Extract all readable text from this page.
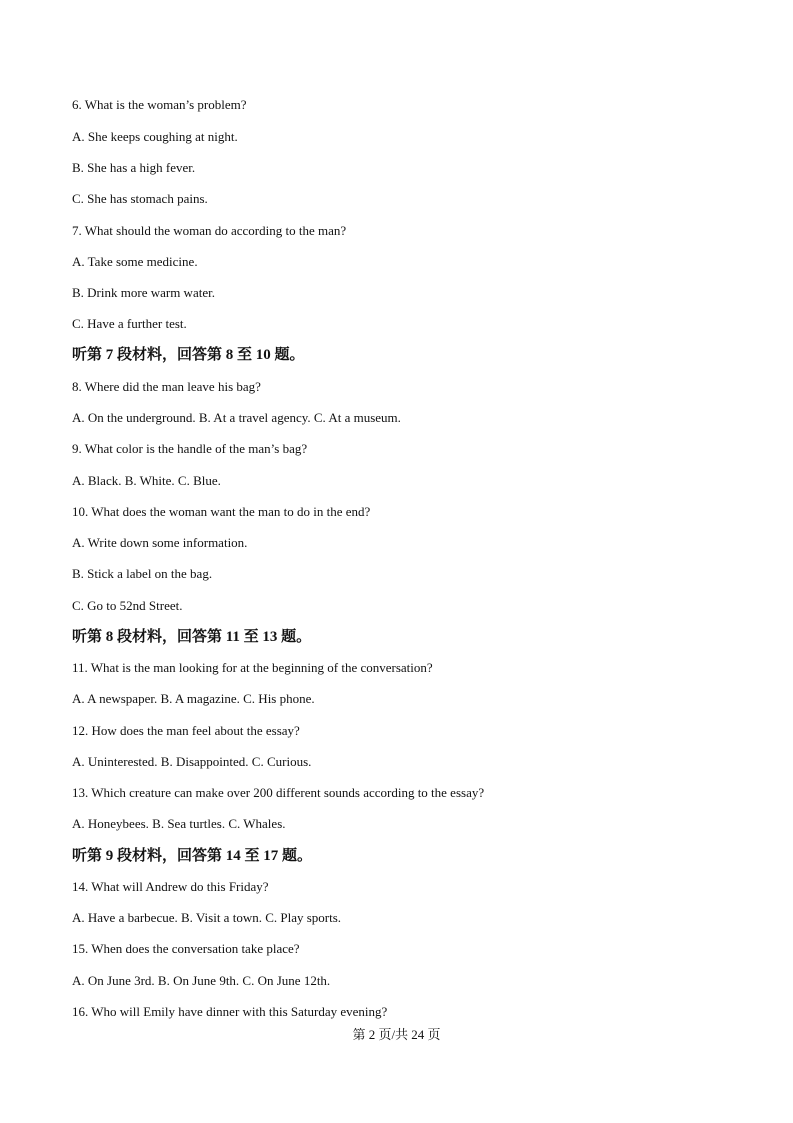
6. What is the woman’s problem?
A. She keeps coughing at night.
B. She has a high fever.
C. She has stomach pains.
7. What should the woman do according to the man?
A. Take some medicine.
B. Drink more warm water.
C. Have a further test.
听第 7 段材料，回答第 8 至 10 题。
8. Where did the man leave his bag?
A. On the underground. B. At a travel agency. C. At a museum.
9. What color is the handle of the man’s bag?
A. Black. B. White. C. Blue.
10. What does the woman want the man to do in the end?
A. Write down some information.
B. Stick a label on the bag.
C. Go to 52nd Street.
听第 8 段材料，回答第 11 至 13 题。
11. What is the man looking for at the beginning of the conversation?
A. A newspaper. B. A magazine. C. His phone.
12. How does the man feel about the essay?
A. Uninterested. B. Disappointed. C. Curious.
13. Which creature can make over 200 different sounds according to the essay?
A. Honeybees. B. Sea turtles. C. Whales.
听第 9 段材料，回答第 14 至 17 题。
14. What will Andrew do this Friday?
A. Have a barbecue. B. Visit a town. C. Play sports.
15. When does the conversation take place?
A. On June 3rd. B. On June 9th. C. On June 12th.
16. Who will Emily have dinner with this Saturday evening?
第 2 页/共 24 页
